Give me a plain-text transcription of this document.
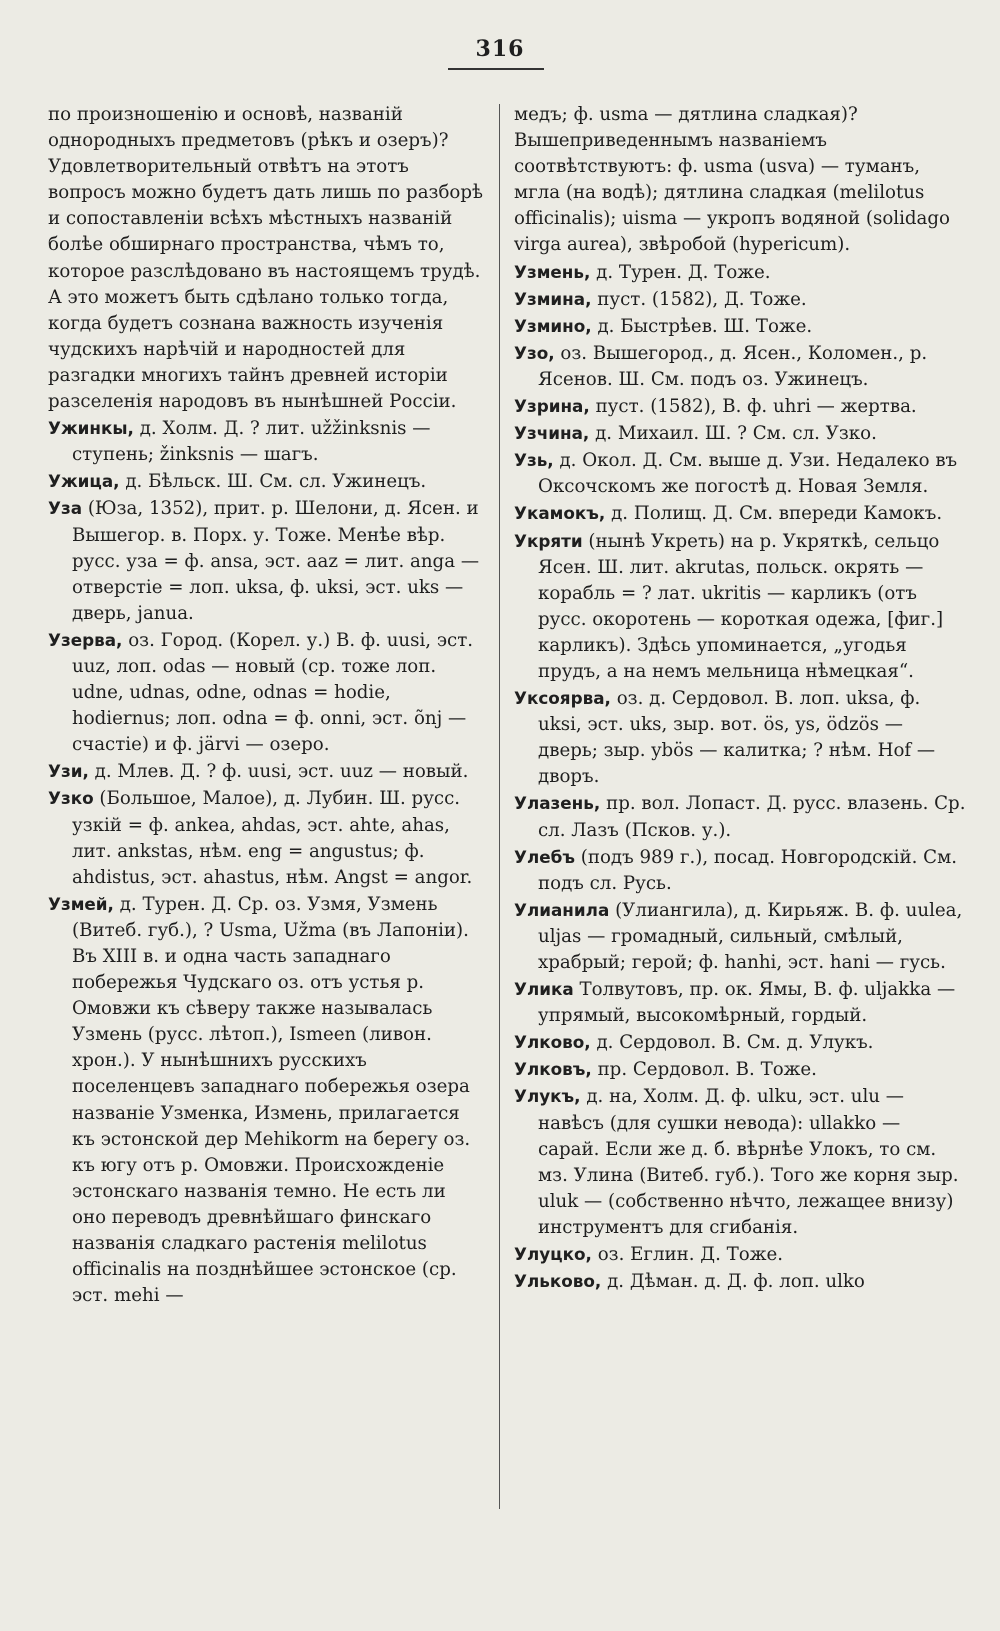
316

по произношенію и основѣ, названій однородныхъ предметовъ (рѣкъ и озеръ)? Удовлетворительный отвѣтъ на этотъ вопросъ можно будетъ дать лишь по разборѣ и сопоставленіи всѣхъ мѣстныхъ названій болѣе обширнаго пространства, чѣмъ то, которое разслѣдовано въ настоящемъ трудѣ. А это можетъ быть сдѣлано только тогда, когда будетъ сознана важность изученія чудскихъ нарѣчій и народностей для разгадки многихъ тайнъ древней исторіи разселенія народовъ въ нынѣшней Россіи.

Ужинкы, д. Холм. Д. ? лит. užžinksnis — ступень; žinksnis — шагъ.

Ужица, д. Бѣльск. Ш. См. сл. Ужинецъ.

Уза (Юза, 1352), прит. р. Шелони, д. Ясен. и Вышегор. в. Порх. у. Тоже. Менѣе вѣр. русс. уза = ф. ansa, эст. aaz = лит. anga — отверстіе = лоп. uksa, ф. uksi, эст. uks — дверь, janua.

Узерва, оз. Город. (Корел. у.) В. ф. uusi, эст. uuz, лоп. odas — новый (ср. тоже лоп. udne, udnas, odne, odnas = hodie, hodiernus; лоп. odna = ф. onni, эст. õnj — счастіе) и ф. järvi — озеро.

Узи, д. Млев. Д. ? ф. uusi, эст. uuz — новый.

Узко (Большое, Малое), д. Лубин. Ш. русс. узкій = ф. ankea, ahdas, эст. ahte, ahas, лит. ankstas, нѣм. eng = angustus; ф. ahdistus, эст. ahastus, нѣм. Angst = angor.

Узмей, д. Турен. Д. Ср. оз. Узмя, Узмень (Витеб. губ.), ? Usma, Užma (въ Лапоніи). Въ XIII в. и одна часть западнаго побережья Чудскаго оз. отъ устья р. Омовжи къ сѣверу также называлась Узмень (русс. лѣтоп.), Ismeen (ливон. хрон.). У нынѣшнихъ русскихъ поселенцевъ западнаго побережья озера названіе Узменка, Измень, прилагается къ эстонской дер Mehikorm на берегу оз. къ югу отъ р. Омовжи. Происхожденіе эстонскаго названія темно. Не есть ли оно переводъ древнѣйшаго финскаго названія сладкаго растенія melilotus officinalis на позднѣйшее эстонское (ср. эст. mehi —

медъ; ф. usma — дятлина сладкая)? Вышеприведеннымъ названіемъ соотвѣтствуютъ: ф. usma (usva) — туманъ, мгла (на водѣ); дятлина сладкая (melilotus officinalis); uisma — укропъ водяной (solidago virga aurea), звѣробой (hypericum).

Узмень, д. Турен. Д. Тоже.

Узмина, пуст. (1582), Д. Тоже.

Узмино, д. Быстрѣев. Ш. Тоже.

Узо, оз. Вышегород., д. Ясен., Коломен., р. Ясенов. Ш. См. подъ оз. Ужинецъ.

Узрина, пуст. (1582), В. ф. uhri — жертва.

Узчина, д. Михаил. Ш. ? См. сл. Узко.

Узь, д. Окол. Д. См. выше д. Узи. Недалеко въ Оксочскомъ же погостѣ д. Новая Земля.

Укамокъ, д. Полищ. Д. См. впереди Камокъ.

Укряти (нынѣ Укреть) на р. Укряткѣ, сельцо Ясен. Ш. лит. akrutas, польск. окрять — корабль = ? лат. ukritis — карликъ (отъ русс. окоротень — короткая одежа, [фиг.] карликъ). Здѣсь упоминается, „угодья прудъ, а на немъ мельница нѣмецкая“.

Уксоярва, оз. д. Сердовол. В. лоп. uksa, ф. uksi, эст. uks, зыр. вот. ös, ys, ödzös — дверь; зыр. ybös — калитка; ? нѣм. Hof — дворъ.

Улазень, пр. вол. Лопаст. Д. русс. влазень. Ср. сл. Лазъ (Псков. у.).

Улебъ (подъ 989 г.), посад. Новгородскій. См. подъ сл. Русь.

Улианила (Улиангила), д. Кирьяж. В. ф. uulea, uljas — громадный, сильный, смѣлый, храбрый; герой; ф. hanhi, эст. hani — гусь.

Улика Толвутовъ, пр. ок. Ямы, В. ф. uljakka — упрямый, высокомѣрный, гордый.

Улково, д. Сердовол. В. См. д. Улукъ.

Улковъ, пр. Сердовол. В. Тоже.

Улукъ, д. на, Холм. Д. ф. ulku, эст. ulu — навѣсъ (для сушки невода): ullakko — сарай. Если же д. б. вѣрнѣе Улокъ, то см. мз. Улина (Витеб. губ.). Того же корня зыр. uluk — (собственно нѣчто, лежащее внизу) инструментъ для сгибанія.

Улуцко, оз. Еглин. Д. Тоже.

Ульково, д. Дѣман. д. Д. ф. лоп. ulko
